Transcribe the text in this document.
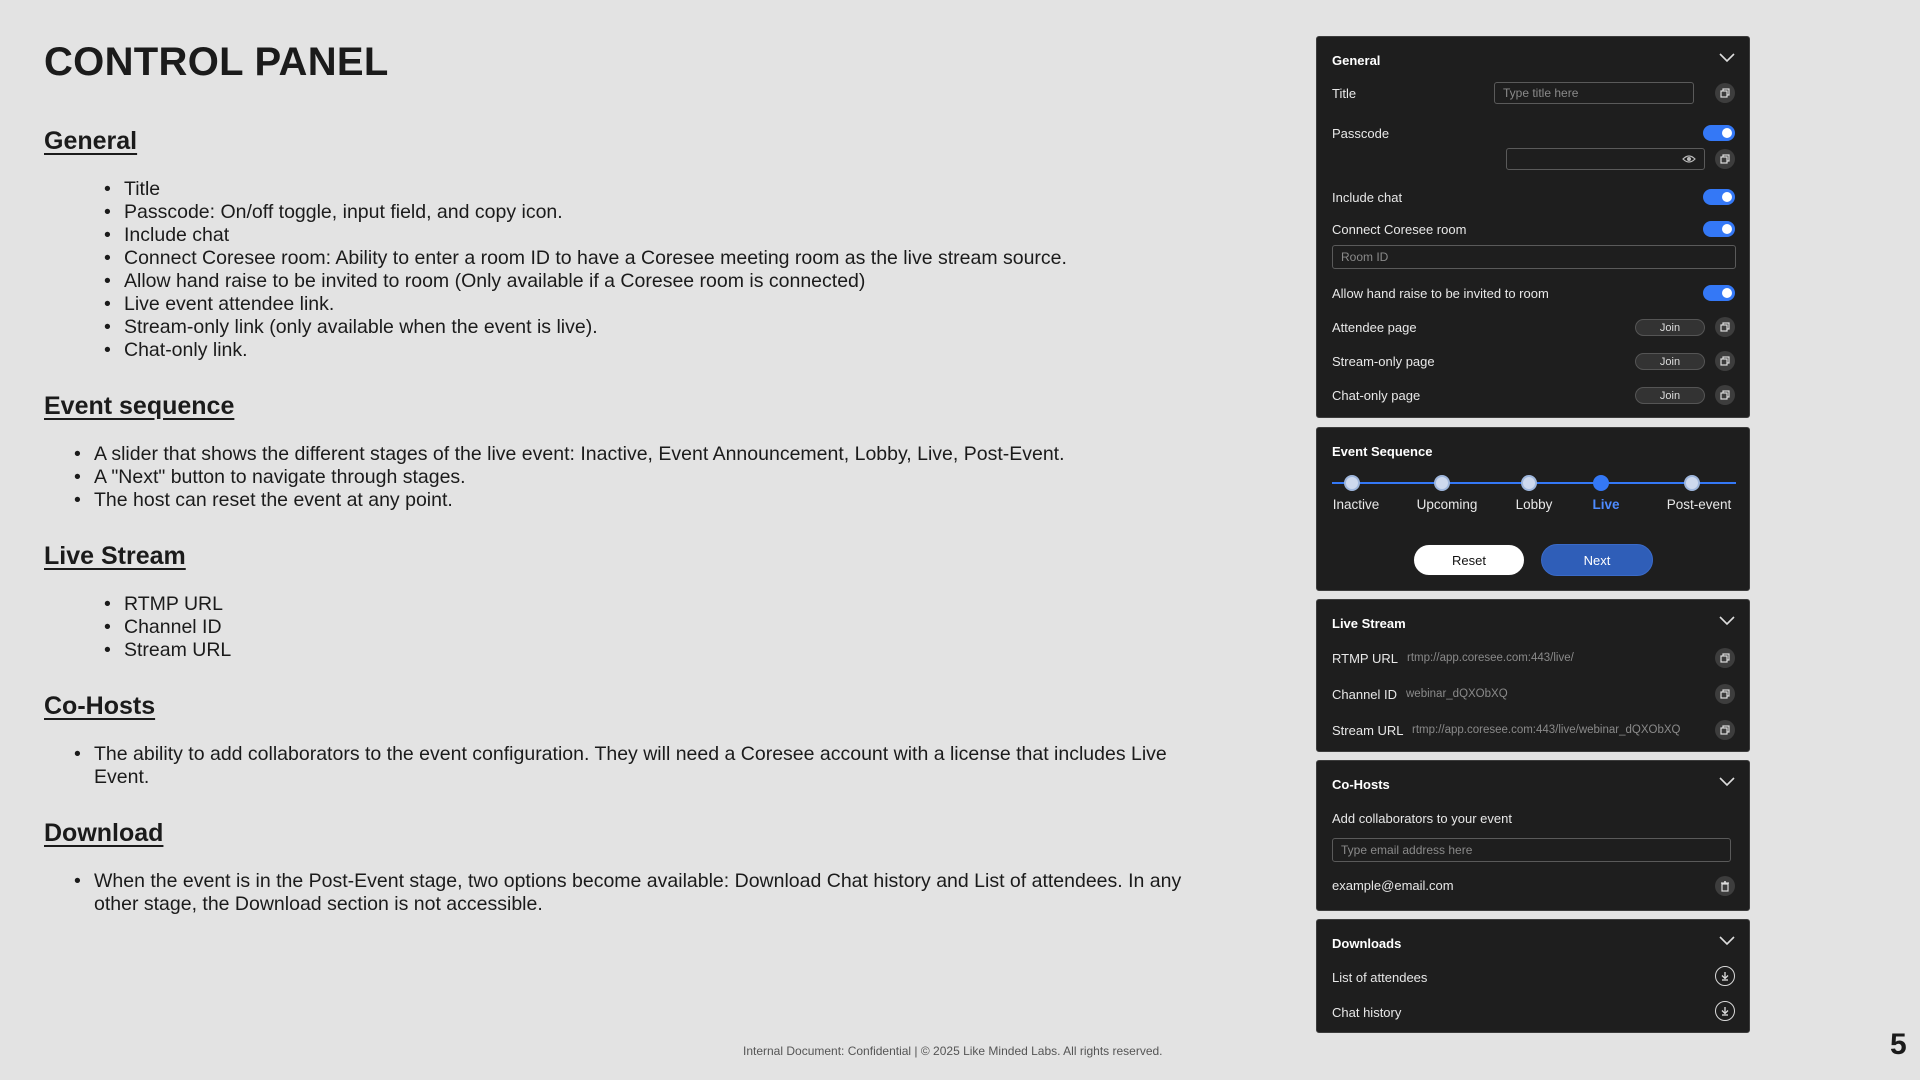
CONTROL PANEL
General
• Title
• Passcode: On/off toggle, input field, and copy icon.
• Include chat
• Connect Coresee room: Ability to enter a room ID to have a Coresee meeting room as the live stream source.
• Allow hand raise to be invited to room (Only available if a Coresee room is connected)
• Live event attendee link.
• Stream-only link (only available when the event is live).
• Chat-only link.
Event sequence
• A slider that shows the different stages of the live event: Inactive, Event Announcement, Lobby, Live, Post-Event.
• A "Next" button to navigate through stages.
• The host can reset the event at any point.
Live Stream
• RTMP URL
• Channel ID
• Stream URL
Co-Hosts
• The ability to add collaborators to the event configuration. They will need a Coresee account with a license that includes Live Event.
Download
• When the event is in the Post-Event stage, two options become available: Download Chat history and List of attendees. In any other stage, the Download section is not accessible.
Internal Document: Confidential | © 2025 Like Minded Labs. All rights reserved.	5
General
Title	Type title here
Passcode
Include chat
Connect Coresee room
Room ID
Allow hand raise to be invited to room
Attendee page	Join
Stream-only page	Join
Chat-only page	Join
Event Sequence
Inactive	Upcoming	Lobby	Live	Post-event
Reset	Next
Live Stream
RTMP URL rtmp://app.coresee.com:443/live/
Channel ID webinar_dQXObXQ
Stream URL rtmp://app.coresee.com:443/live/webinar_dQXObXQ
Co-Hosts
Add collaborators to your event
Type email address here
example@email.com
Downloads
List of attendees
Chat history
